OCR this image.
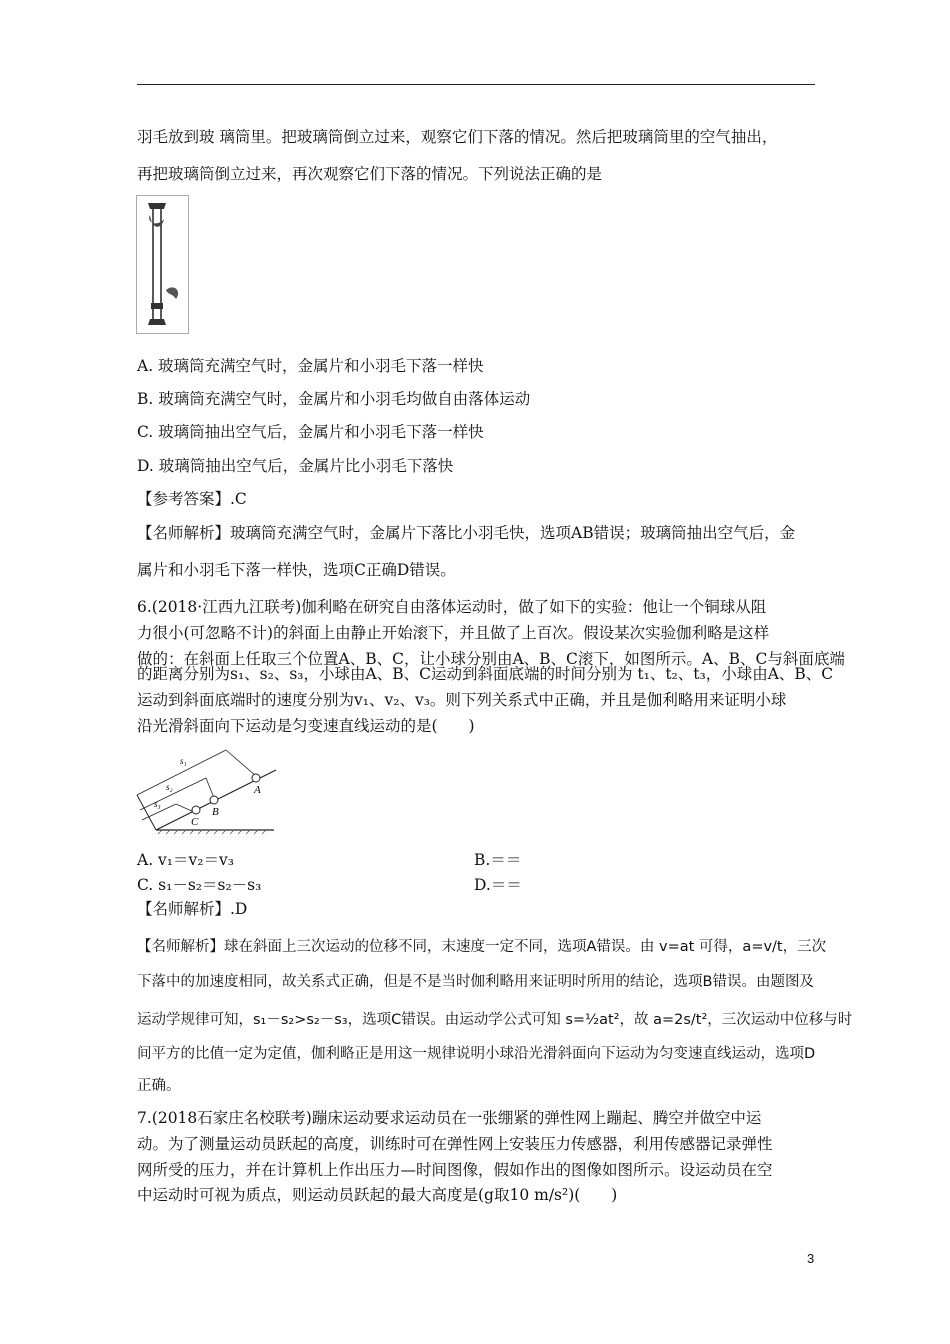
羽毛放到玻 璃筒里。把玻璃筒倒立过来，观察它们下落的情况。然后把玻璃筒里的空气抽出，
再把玻璃筒倒立过来，再次观察它们下落的情况。下列说法正确的是
A. 玻璃筒充满空气时，金属片和小羽毛下落一样快
B. 玻璃筒充满空气时，金属片和小羽毛均做自由落体运动
C. 玻璃筒抽出空气后，金属片和小羽毛下落一样快
D. 玻璃筒抽出空气后，金属片比小羽毛下落快
【参考答案】.C
【名师解析】玻璃筒充满空气时，金属片下落比小羽毛快，选项AB错误；玻璃筒抽出空气后，金
属片和小羽毛下落一样快，选项C正确D错误。
6.(2018·江西九江联考)伽利略在研究自由落体运动时，做了如下的实验：他让一个铜球从阻
力很小(可忽略不计)的斜面上由静止开始滚下，并且做了上百次。假设某次实验伽利略是这样
做的：在斜面上任取三个位置A、B、C，让小球分别由A、B、C滚下，如图所示。A、B、C与斜面底端
的距离分别为s₁、s₂、s₃，小球由A、B、C运动到斜面底端的时间分别为 t₁、t₂、t₃，小球由A、B、C
运动到斜面底端时的速度分别为v₁、v₂、v₃。则下列关系式中正确，并且是伽利略用来证明小球
沿光滑斜面向下运动是匀变速直线运动的是(　　)
s₁
s₂
s₃
A
B
C
A. v₁＝v₂＝v₃	B.＝＝
C. s₁－s₂＝s₂－s₃	D.＝＝
【名师解析】.D
【名师解析】球在斜面上三次运动的位移不同，末速度一定不同，选项A错误。由 v=at 可得，a=v/t，三次
下落中的加速度相同，故关系式正确，但是不是当时伽利略用来证明时所用的结论，选项B错误。由题图及
运动学规律可知，s₁－s₂>s₂－s₃，选项C错误。由运动学公式可知 s=½at²，故 a=2s/t²，三次运动中位移与时
间平方的比值一定为定值，伽利略正是用这一规律说明小球沿光滑斜面向下运动为匀变速直线运动，选项D
正确。
7.(2018石家庄名校联考)蹦床运动要求运动员在一张绷紧的弹性网上蹦起、腾空并做空中运
动。为了测量运动员跃起的高度，训练时可在弹性网上安装压力传感器，利用传感器记录弹性
网所受的压力，并在计算机上作出压力—时间图像，假如作出的图像如图所示。设运动员在空
中运动时可视为质点，则运动员跃起的最大高度是(g取10 m/s²)(　　)
3
